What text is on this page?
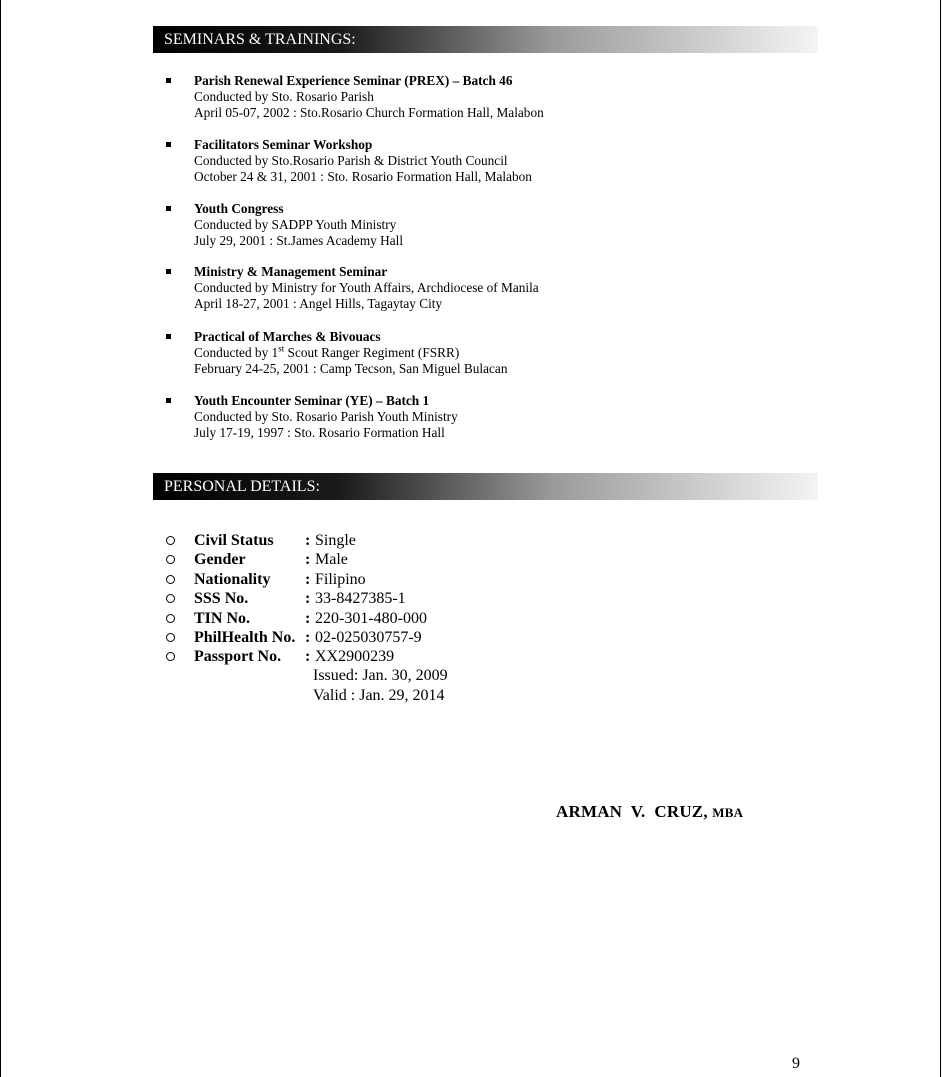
SEMINARS & TRAININGS:
Parish Renewal Experience Seminar (PREX) – Batch 46
Conducted by Sto. Rosario Parish
April 05-07, 2002 : Sto.Rosario Church Formation Hall, Malabon
Facilitators Seminar Workshop
Conducted by Sto.Rosario Parish & District Youth Council
October 24 & 31, 2001 : Sto. Rosario Formation Hall, Malabon
Youth Congress
Conducted by SADPP Youth Ministry
July 29, 2001 : St.James Academy Hall
Ministry & Management Seminar
Conducted by Ministry for Youth Affairs, Archdiocese of Manila
April 18-27, 2001 : Angel Hills, Tagaytay City
Practical of Marches & Bivouacs
Conducted by 1st Scout Ranger Regiment (FSRR)
February 24-25, 2001 : Camp Tecson, San Miguel Bulacan
Youth Encounter Seminar (YE) – Batch 1
Conducted by Sto. Rosario Parish Youth Ministry
July 17-19, 1997 : Sto. Rosario Formation Hall
PERSONAL DETAILS:
Civil Status : Single
Gender	: Male
Nationality : Filipino
SSS No.	: 33-8427385-1
TIN No.	: 220-301-480-000
PhilHealth No. : 02-025030757-9
Passport No. : XX2900239
Issued: Jan. 30, 2009
Valid : Jan. 29, 2014
ARMAN  V.  CRUZ, MBA
9
